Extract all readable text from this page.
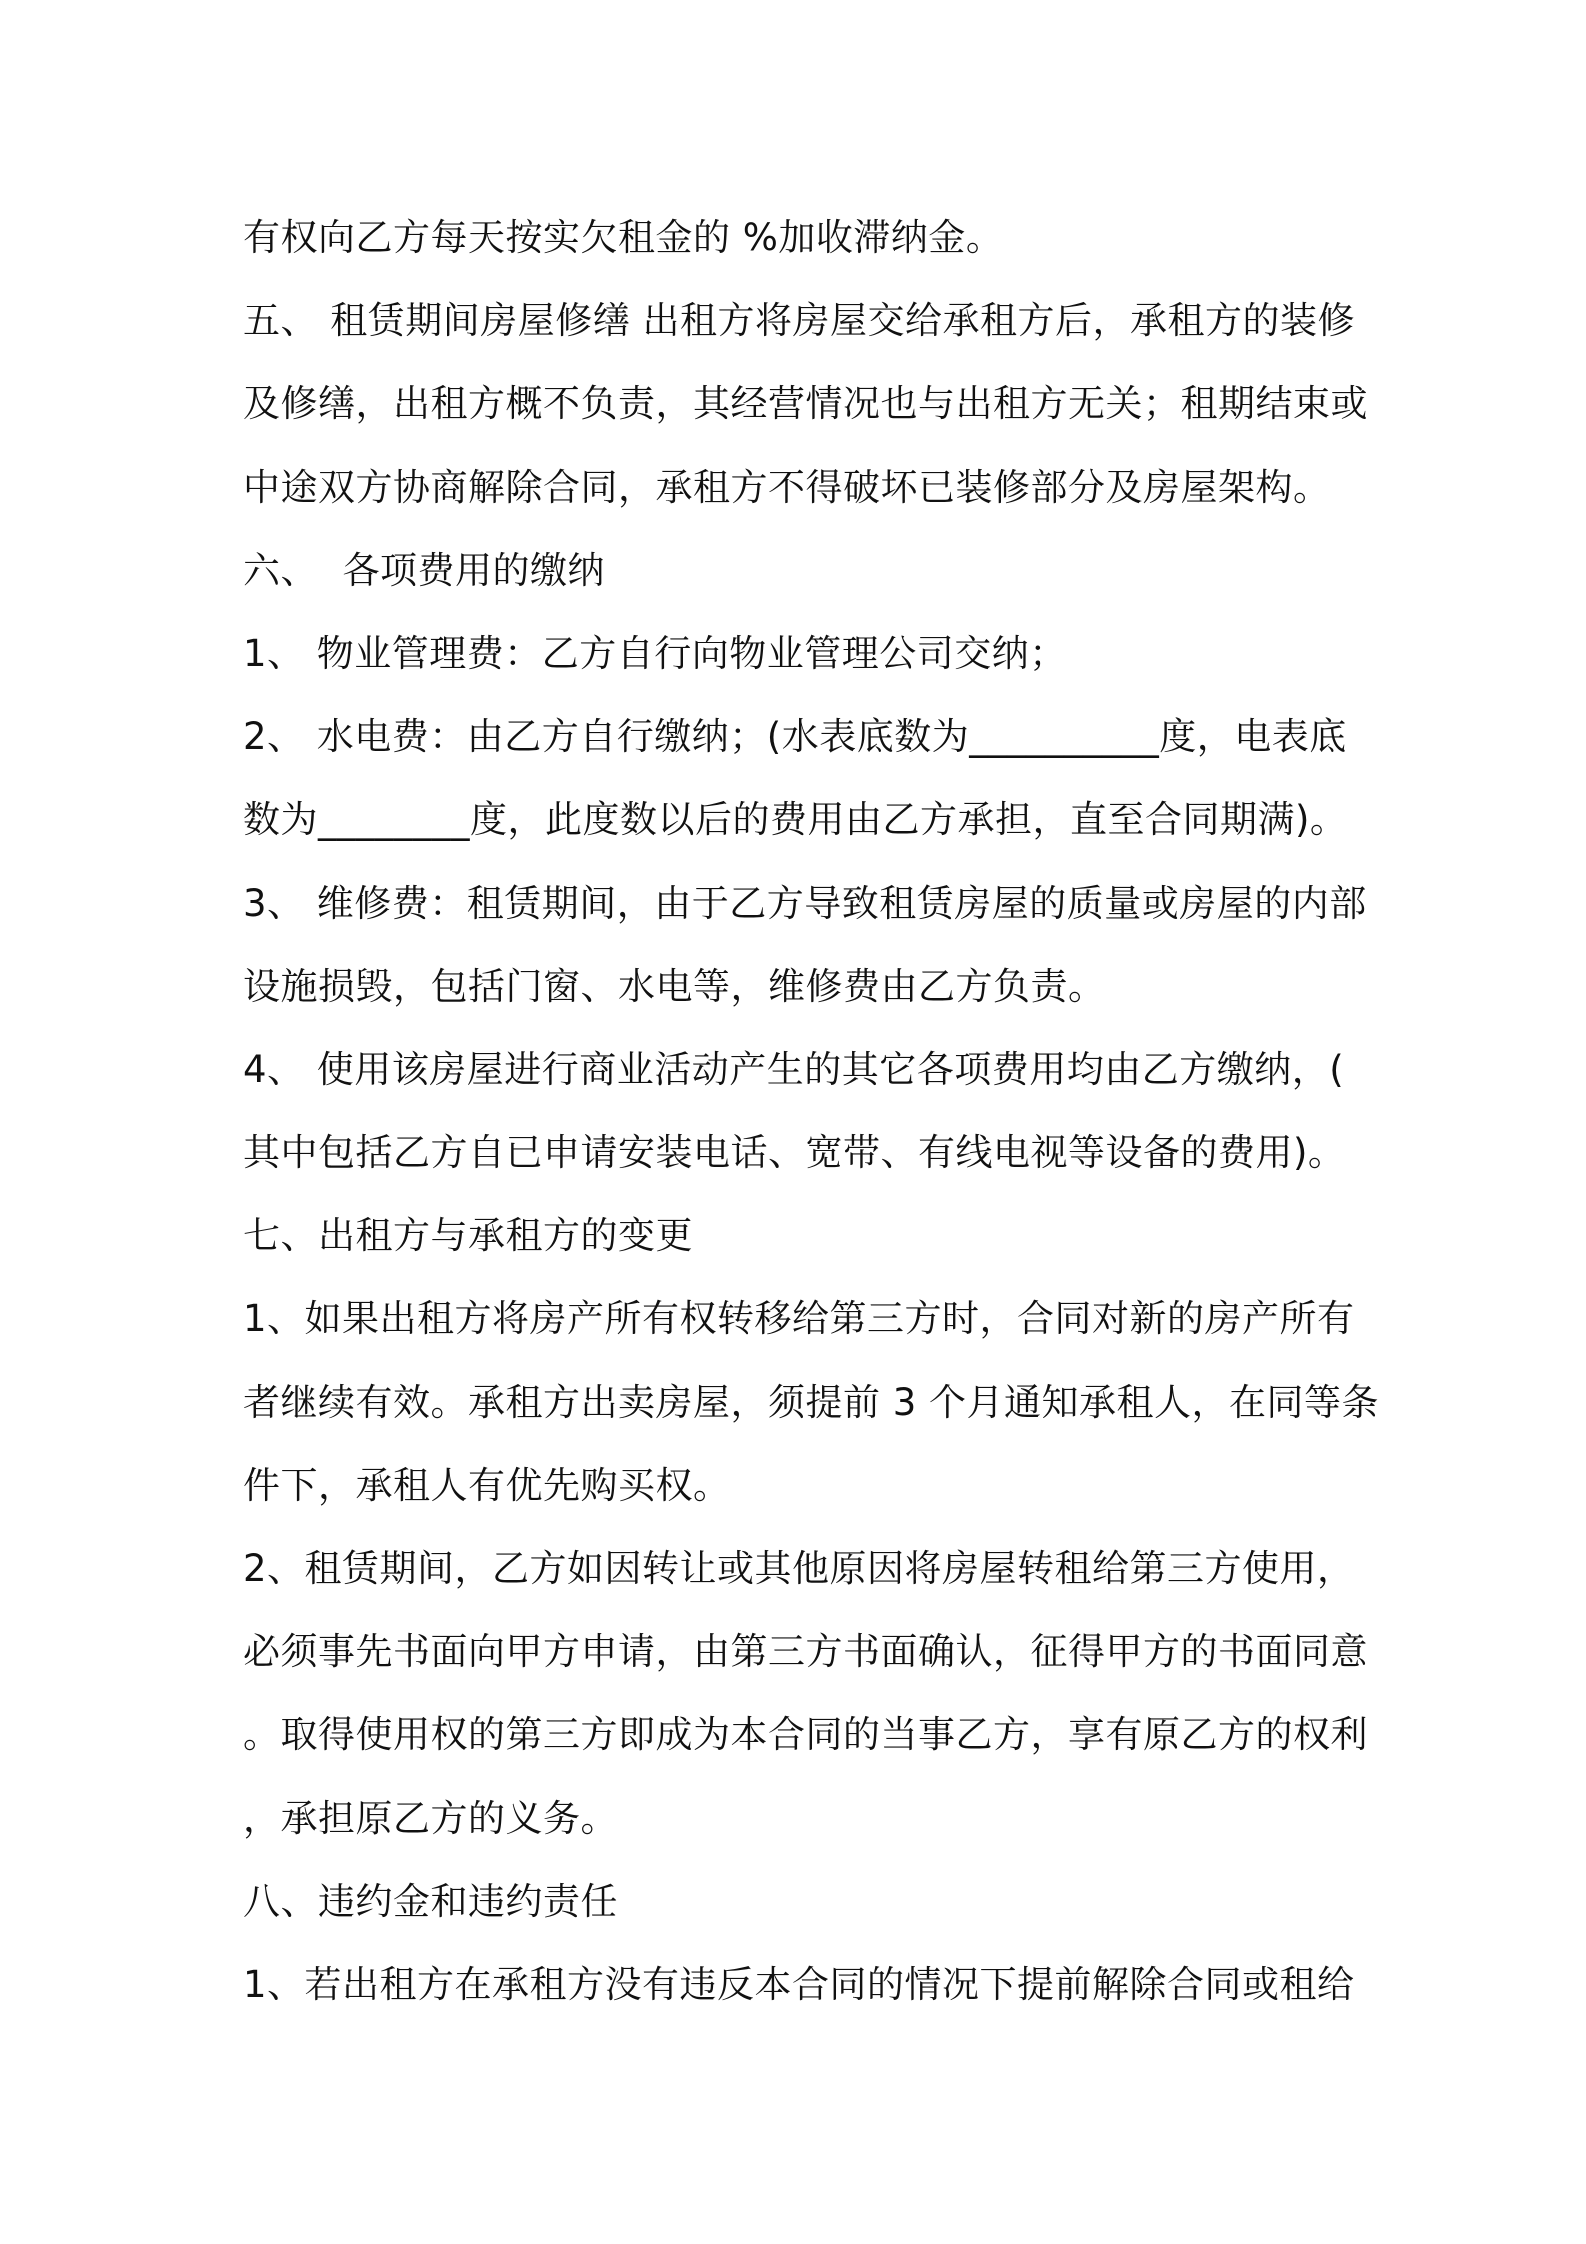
有权向乙方每天按实欠租金的 %加收滞纳金。
五、 租赁期间房屋修缮 出租方将房屋交给承租方后，承租方的装修
及修缮，出租方概不负责，其经营情况也与出租方无关；租期结束或
中途双方协商解除合同，承租方不得破坏已装修部分及房屋架构。
六、  各项费用的缴纳
1、 物业管理费：乙方自行向物业管理公司交纳；
2、 水电费：由乙方自行缴纳；(水表底数为__________度，电表底
数为________度，此度数以后的费用由乙方承担，直至合同期满)。
3、 维修费：租赁期间，由于乙方导致租赁房屋的质量或房屋的内部
设施损毁，包括门窗、水电等，维修费由乙方负责。
4、 使用该房屋进行商业活动产生的其它各项费用均由乙方缴纳，(
其中包括乙方自已申请安装电话、宽带、有线电视等设备的费用)。
七、出租方与承租方的变更
1、如果出租方将房产所有权转移给第三方时，合同对新的房产所有
者继续有效。承租方出卖房屋，须提前 3 个月通知承租人，在同等条
件下，承租人有优先购买权。
2、租赁期间，乙方如因转让或其他原因将房屋转租给第三方使用，
必须事先书面向甲方申请，由第三方书面确认，征得甲方的书面同意
。取得使用权的第三方即成为本合同的当事乙方，享有原乙方的权利
，承担原乙方的义务。
八、违约金和违约责任
1、若出租方在承租方没有违反本合同的情况下提前解除合同或租给
